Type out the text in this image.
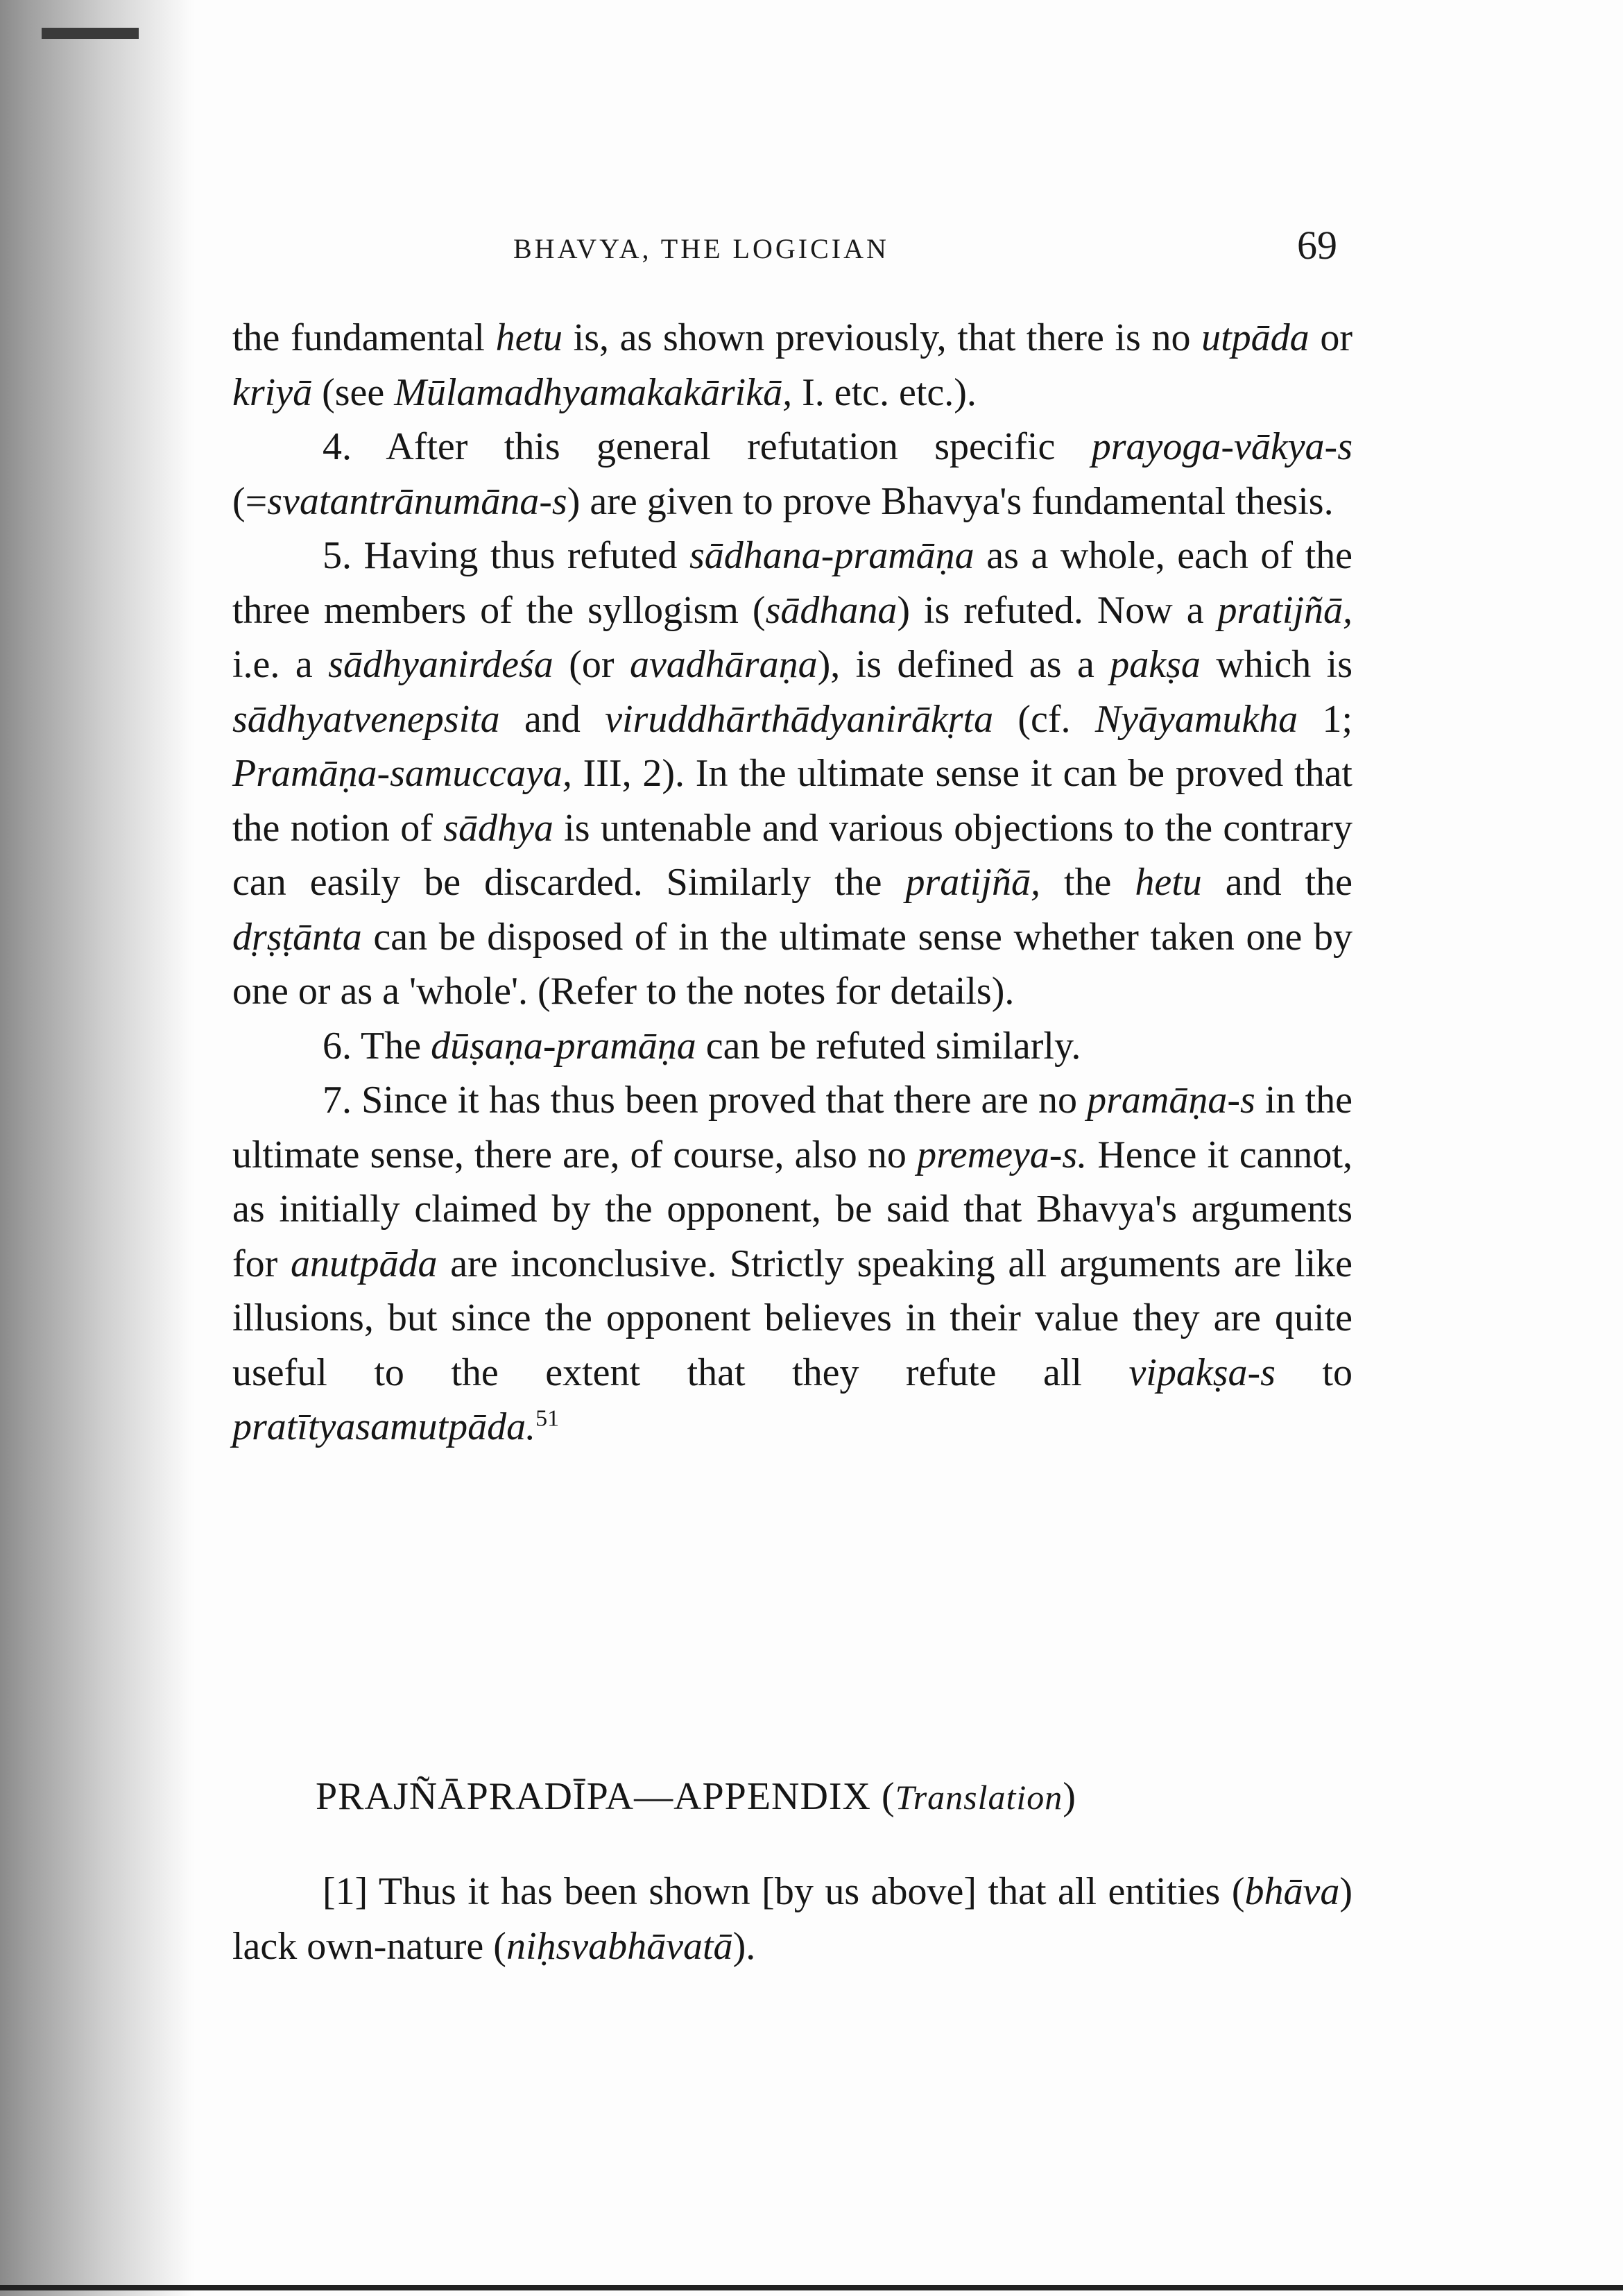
BHAVYA, THE LOGICIAN	69

the fundamental hetu is, as shown previously, that there is no utpāda or kriyā (see Mūlamadhyamakakārikā, I. etc. etc.).

4. After this general refutation specific prayoga-vākya-s (=svatantrānumāna-s) are given to prove Bhavya's fundamental thesis.

5. Having thus refuted sādhana-pramāṇa as a whole, each of the three members of the syllogism (sādhana) is refuted. Now a pratijñā, i.e. a sādhyanirdeśa (or avadhāraṇa), is defined as a pakṣa which is sādhyatvenepsita and viruddhārthādyanirākṛta (cf. Nyāyamukha 1; Pramāṇa-samuccaya, III, 2). In the ultimate sense it can be proved that the notion of sādhya is untenable and various objections to the contrary can easily be discarded. Similarly the pratijñā, the hetu and the dṛṣṭānta can be disposed of in the ultimate sense whether taken one by one or as a 'whole'. (Refer to the notes for details).

6. The dūṣaṇa-pramāṇa can be refuted similarly.

7. Since it has thus been proved that there are no pramāṇa-s in the ultimate sense, there are, of course, also no premeya-s. Hence it cannot, as initially claimed by the opponent, be said that Bhavya's arguments for anutpāda are inconclusive. Strictly speaking all arguments are like illusions, but since the opponent believes in their value they are quite useful to the extent that they refute all vipakṣa-s to pratītyasamutpāda.$^{51}$

PRAJÑĀPRADĪPA—APPENDIX (Translation)

[1] Thus it has been shown [by us above] that all entities (bhāva) lack own-nature (niḥsvabhāvatā).
